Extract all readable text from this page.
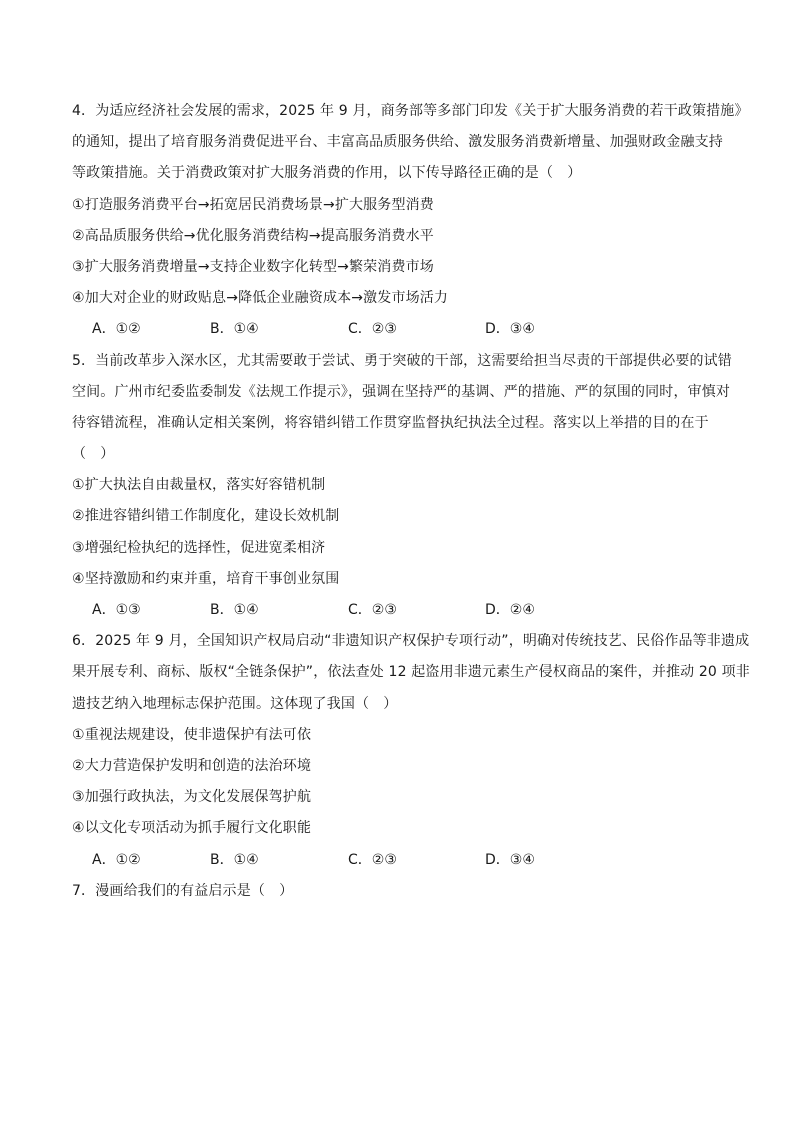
4．为适应经济社会发展的需求，2025 年 9 月，商务部等多部门印发《关于扩大服务消费的若干政策措施》
的通知，提出了培育服务消费促进平台、丰富高品质服务供给、激发服务消费新增量、加强财政金融支持
等政策措施。关于消费政策对扩大服务消费的作用，以下传导路径正确的是（　）
①打造服务消费平台→拓宽居民消费场景→扩大服务型消费
②高品质服务供给→优化服务消费结构→提高服务消费水平
③扩大服务消费增量→支持企业数字化转型→繁荣消费市场
④加大对企业的财政贴息→降低企业融资成本→激发市场活力
A．①②	B．①④	C．②③	D．③④
5．当前改革步入深水区，尤其需要敢于尝试、勇于突破的干部，这需要给担当尽责的干部提供必要的试错
空间。广州市纪委监委制发《法规工作提示》，强调在坚持严的基调、严的措施、严的氛围的同时，审慎对
待容错流程，准确认定相关案例，将容错纠错工作贯穿监督执纪执法全过程。落实以上举措的目的在于
（　）
①扩大执法自由裁量权，落实好容错机制
②推进容错纠错工作制度化，建设长效机制
③增强纪检执纪的选择性，促进宽柔相济
④坚持激励和约束并重，培育干事创业氛围
A．①③	B．①④	C．②③	D．②④
6．2025 年 9 月，全国知识产权局启动“非遗知识产权保护专项行动”，明确对传统技艺、民俗作品等非遗成
果开展专利、商标、版权“全链条保护”，依法查处 12 起盗用非遗元素生产侵权商品的案件，并推动 20 项非
遗技艺纳入地理标志保护范围。这体现了我国（　）
①重视法规建设，使非遗保护有法可依
②大力营造保护发明和创造的法治环境
③加强行政执法，为文化发展保驾护航
④以文化专项活动为抓手履行文化职能
A．①②	B．①④	C．②③	D．③④
7．漫画给我们的有益启示是（　）
